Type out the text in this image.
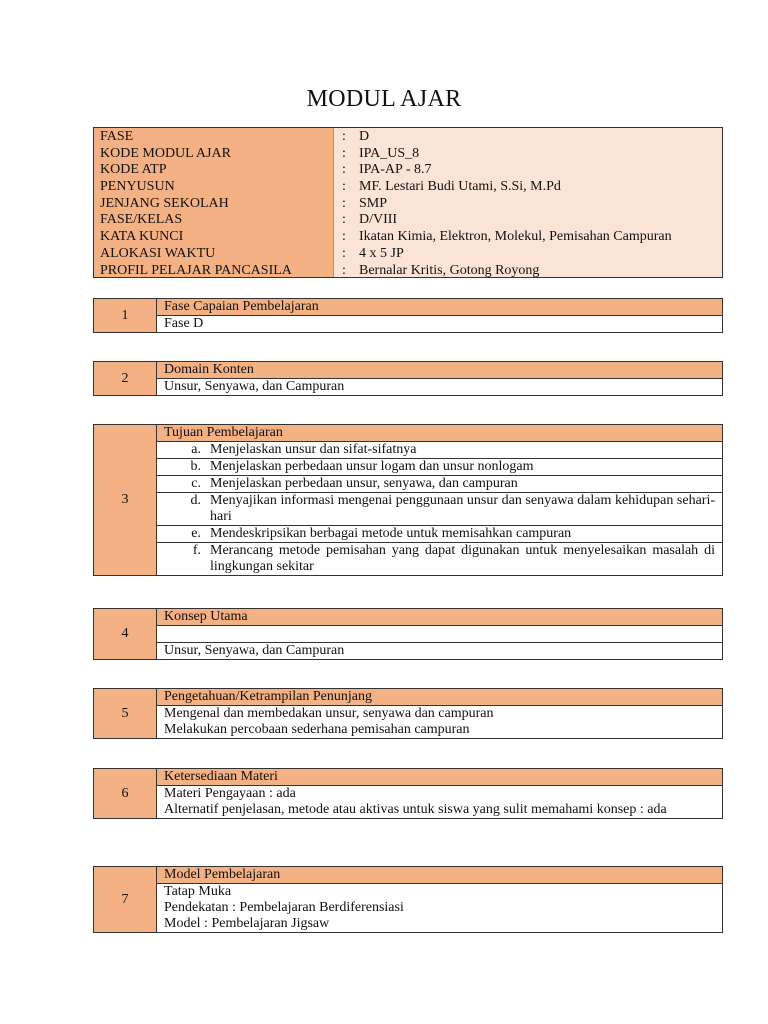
MODUL AJAR
FASE
KODE MODUL AJAR
KODE ATP
PENYUSUN
JENJANG SEKOLAH
FASE/KELAS
KATA KUNCI
ALOKASI WAKTU
PROFIL PELAJAR PANCASILA
: D
: IPA_US_8
: IPA-AP - 8.7
: MF. Lestari Budi Utami, S.Si, M.Pd
: SMP
: D/VIII
: Ikatan Kimia, Elektron, Molekul, Pemisahan Campuran
: 4 x 5 JP
: Bernalar Kritis, Gotong Royong
1
Fase Capaian Pembelajaran
Fase D
2
Domain Konten
Unsur, Senyawa, dan Campuran
3
Tujuan Pembelajaran
a. Menjelaskan unsur dan sifat-sifatnya
b. Menjelaskan perbedaan unsur logam dan unsur nonlogam
c. Menjelaskan perbedaan unsur, senyawa, dan campuran
d. Menyajikan informasi mengenai penggunaan unsur dan senyawa dalam kehidupan sehari-hari
e. Mendeskripsikan berbagai metode untuk memisahkan campuran
f. Merancang metode pemisahan yang dapat digunakan untuk menyelesaikan masalah di lingkungan sekitar
4
Konsep Utama
Unsur, Senyawa, dan Campuran
5
Pengetahuan/Ketrampilan Penunjang
Mengenal dan membedakan unsur, senyawa dan campuran
Melakukan percobaan sederhana pemisahan campuran
6
Ketersediaan Materi
Materi Pengayaan : ada
Alternatif penjelasan, metode atau aktivas untuk siswa yang sulit memahami konsep : ada
7
Model Pembelajaran
Tatap Muka
Pendekatan : Pembelajaran Berdiferensiasi
Model : Pembelajaran Jigsaw
